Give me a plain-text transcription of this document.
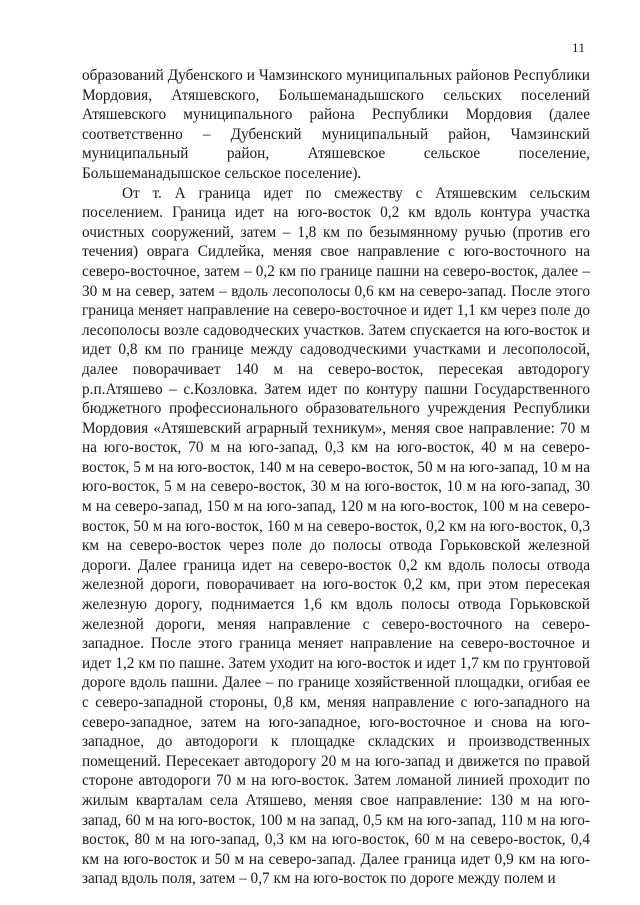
11

образований Дубенского и Чамзинского муниципальных районов Республики Мордовия, Атяшевского, Большеманадышского сельских поселений Атяшевского муниципального района Республики Мордовия (далее соответственно – Дубенский муниципальный район, Чамзинский муниципальный район, Атяшевское сельское поселение, Большеманадышское сельское поселение).

От т. А граница идет по смежеству с Атяшевским сельским поселением. Граница идет на юго-восток 0,2 км вдоль контура участка очистных сооружений, затем – 1,8 км по безымянному ручью (против его течения) оврага Сидлейка, меняя свое направление с юго-восточного на северо-восточное, затем – 0,2 км по границе пашни на северо-восток, далее – 30 м на север, затем – вдоль лесополосы 0,6 км на северо-запад. После этого граница меняет направление на северо-восточное и идет 1,1 км через поле до лесополосы возле садоводческих участков. Затем спускается на юго-восток и идет 0,8 км по границе между садоводческими участками и лесополосой, далее поворачивает 140 м на северо-восток, пересекая автодорогу р.п.Атяшево – с.Козловка. Затем идет по контуру пашни Государственного бюджетного профессионального образовательного учреждения Республики Мордовия «Атяшевский аграрный техникум», меняя свое направление: 70 м на юго-восток, 70 м на юго-запад, 0,3 км на юго-восток, 40 м на северо-восток, 5 м на юго-восток, 140 м на северо-восток, 50 м на юго-запад, 10 м на юго-восток, 5 м на северо-восток, 30 м на юго-восток, 10 м на юго-запад, 30 м на северо-запад, 150 м на юго-запад, 120 м на юго-восток, 100 м на северо-восток, 50 м на юго-восток, 160 м на северо-восток, 0,2 км на юго-восток, 0,3 км на северо-восток через поле до полосы отвода Горьковской железной дороги. Далее граница идет на северо-восток 0,2 км вдоль полосы отвода железной дороги, поворачивает на юго-восток 0,2 км, при этом пересекая железную дорогу, поднимается 1,6 км вдоль полосы отвода Горьковской железной дороги, меняя направление с северо-восточного на северо-западное. После этого граница меняет направление на северо-восточное и идет 1,2 км по пашне. Затем уходит на юго-восток и идет 1,7 км по грунтовой дороге вдоль пашни. Далее – по границе хозяйственной площадки, огибая ее с северо-западной стороны, 0,8 км, меняя направление с юго-западного на северо-западное, затем на юго-западное, юго-восточное и снова на юго-западное, до автодороги к площадке складских и производственных помещений. Пересекает автодорогу 20 м на юго-запад и движется по правой стороне автодороги 70 м на юго-восток. Затем ломаной линией проходит по жилым кварталам села Атяшево, меняя свое направление: 130 м на юго-запад, 60 м на юго-восток, 100 м на запад, 0,5 км на юго-запад, 110 м на юго-восток, 80 м на юго-запад, 0,3 км на юго-восток, 60 м на северо-восток, 0,4 км на юго-восток и 50 м на северо-запад. Далее граница идет 0,9 км на юго-запад вдоль поля, затем – 0,7 км на юго-восток по дороге между полем и
